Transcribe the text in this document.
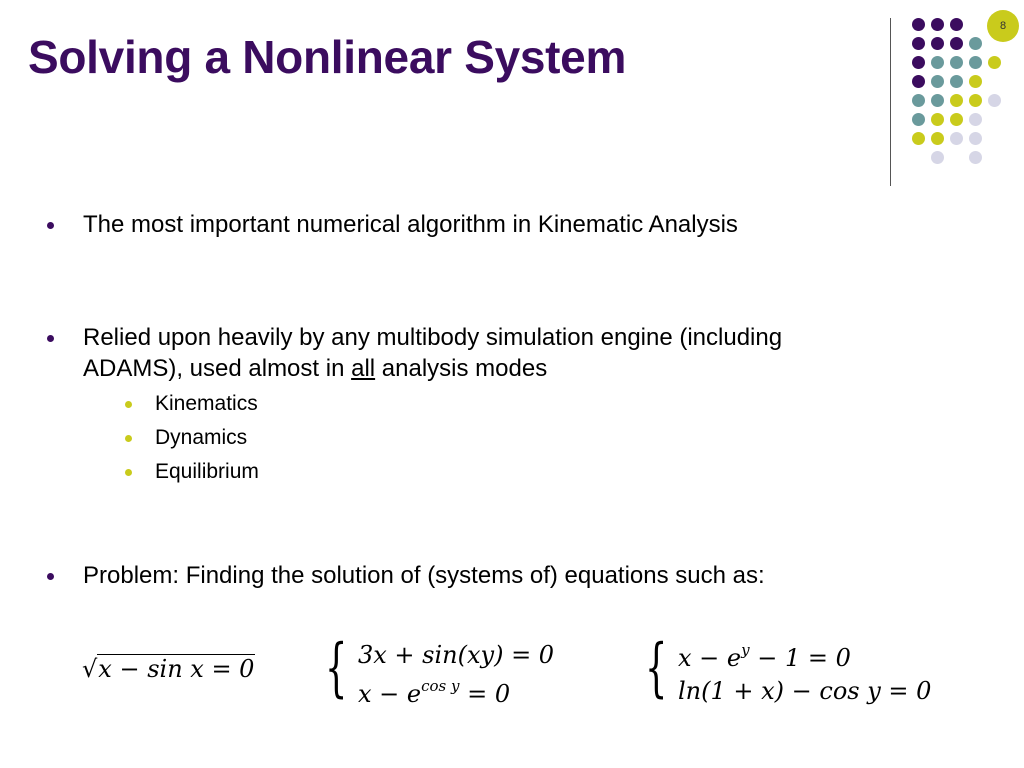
Solving a Nonlinear System
8
The most important numerical algorithm in Kinematic Analysis
Relied upon heavily by any multibody simulation engine (including
ADAMS), used almost in all analysis modes
Kinematics
Dynamics
Equilibrium
Problem: Finding the solution of (systems of) equations such as:
√x − sin x = 0 { 3x + sin(xy) = 0
$x - e^{cos y} = 0$ { $x - e^y - 1 = 0$
ln(1 + x) − cos y = 0
